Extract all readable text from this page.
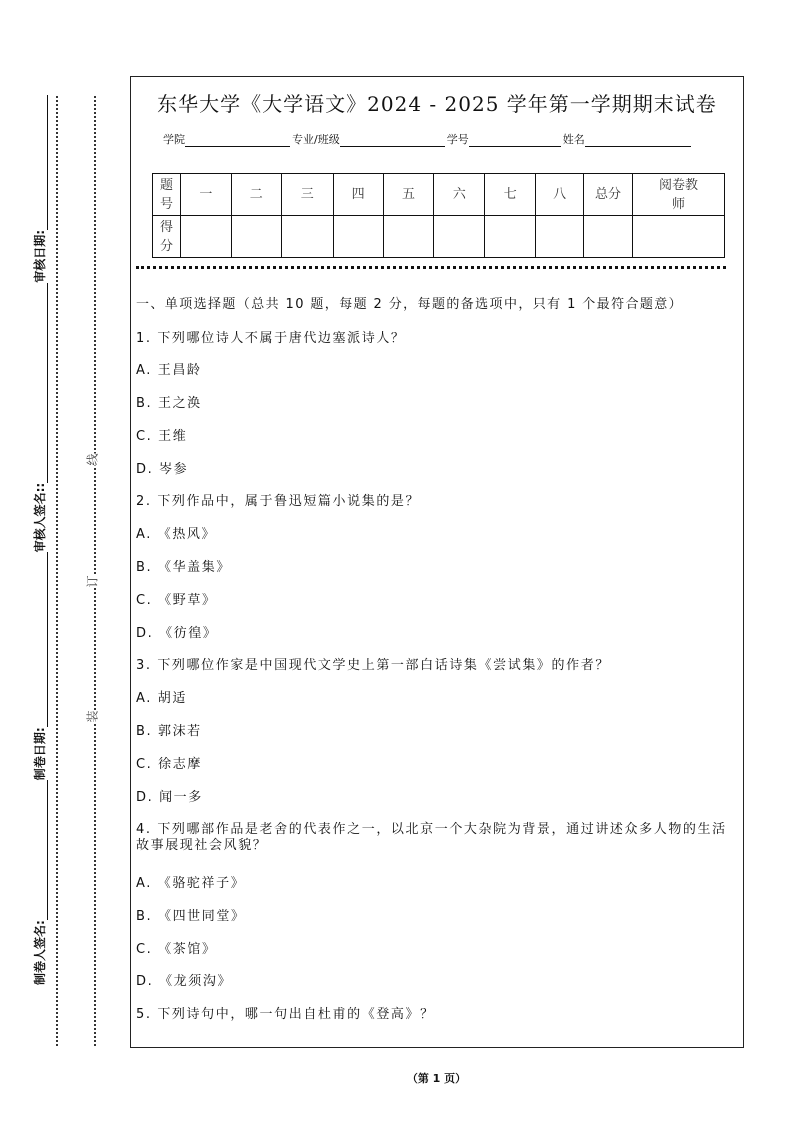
制卷人签名:
制卷日期:
审核人签名::
审核日期:
装
订
线
东华大学《大学语文》2024 - 2025 学年第一学期期末试卷
学院	专业/班级	学号	姓名
题号	一	二	三	四	五	六	七	八	总分	阅卷教师
得分										
一、单项选择题（总共 10 题，每题 2 分，每题的备选项中，只有 1 个最符合题意）
1. 下列哪位诗人不属于唐代边塞派诗人？
A. 王昌龄
B. 王之涣
C. 王维
D. 岑参
2. 下列作品中，属于鲁迅短篇小说集的是？
A. 《热风》
B. 《华盖集》
C. 《野草》
D. 《彷徨》
3. 下列哪位作家是中国现代文学史上第一部白话诗集《尝试集》的作者？
A. 胡适
B. 郭沫若
C. 徐志摩
D. 闻一多
4. 下列哪部作品是老舍的代表作之一，以北京一个大杂院为背景，通过讲述众多人物的生活故事展现社会风貌？
A. 《骆驼祥子》
B. 《四世同堂》
C. 《茶馆》
D. 《龙须沟》
5. 下列诗句中，哪一句出自杜甫的《登高》？
（第 1 页）
